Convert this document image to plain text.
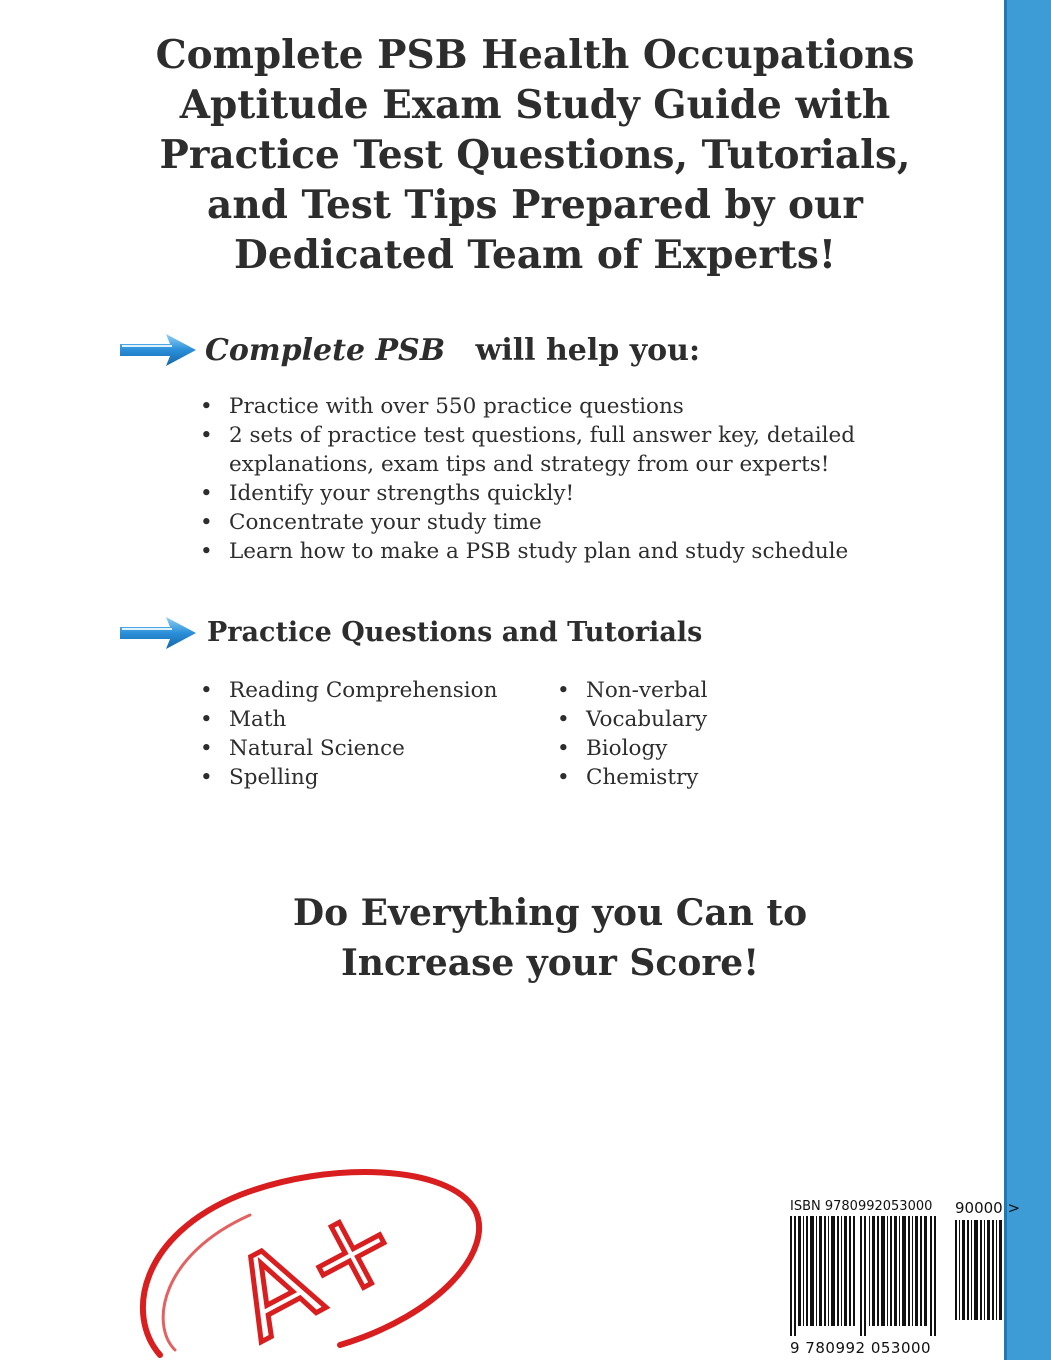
Complete PSB Health Occupations
Aptitude Exam Study Guide with
Practice Test Questions, Tutorials,
and Test Tips Prepared by our
Dedicated Team of Experts!
Complete PSB will help you:
• Practice with over 550 practice questions
• 2 sets of practice test questions, full answer key, detailed
explanations, exam tips and strategy from our experts!
• Identify your strengths quickly!
• Concentrate your study time
• Learn how to make a PSB study plan and study schedule
Practice Questions and Tutorials
• Reading Comprehension
• Math
• Natural Science
• Spelling
• Non-verbal
• Vocabulary
• Biology
• Chemistry
Do Everything you Can to
Increase your Score!
A+	ISBN 9780992053000 90000 >
9 780992 053000
